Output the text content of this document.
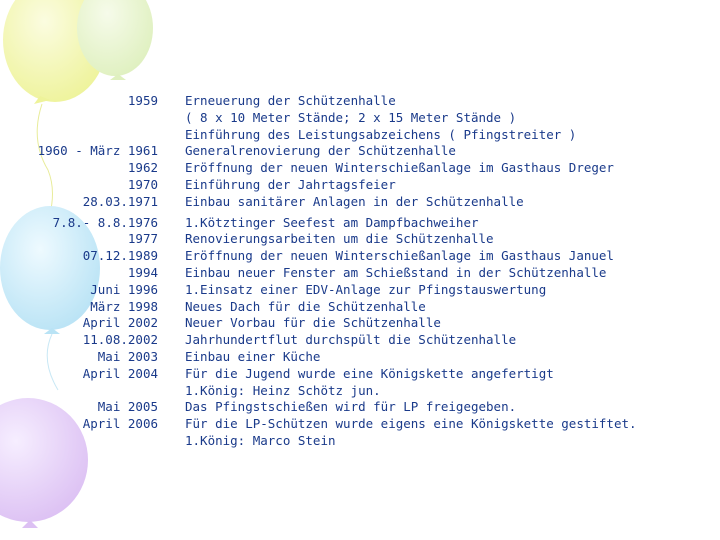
1959 Erneuerung der Schützenhalle
( 8 x 10 Meter Stände; 2 x 15 Meter Stände )
Einführung des Leistungsabzeichens ( Pfingstreiter )
1960 - März 1961 Generalrenovierung der Schützenhalle
1962 Eröffnung der neuen Winterschießanlage im Gasthaus Dreger
1970 Einführung der Jahrtagsfeier
28.03.1971 Einbau sanitärer Anlagen in der Schützenhalle
7.8.- 8.8.1976 1.Kötztinger Seefest am Dampfbachweiher
1977 Renovierungsarbeiten um die Schützenhalle
07.12.1989 Eröffnung der neuen Winterschießanlage im Gasthaus Januel
1994 Einbau neuer Fenster am Schießstand in der Schützenhalle
Juni 1996 1.Einsatz einer EDV-Anlage zur Pfingstauswertung
März 1998 Neues Dach für die Schützenhalle
April 2002 Neuer Vorbau für die Schützenhalle
11.08.2002 Jahrhundertflut durchspült die Schützenhalle
Mai 2003 Einbau einer Küche
April 2004 Für die Jugend wurde eine Königskette angefertigt
1.König: Heinz Schötz jun.
Mai 2005 Das Pfingstschießen wird für LP freigegeben.
April 2006 Für die LP-Schützen wurde eigens eine Königskette gestiftet.
1.König: Marco Stein
